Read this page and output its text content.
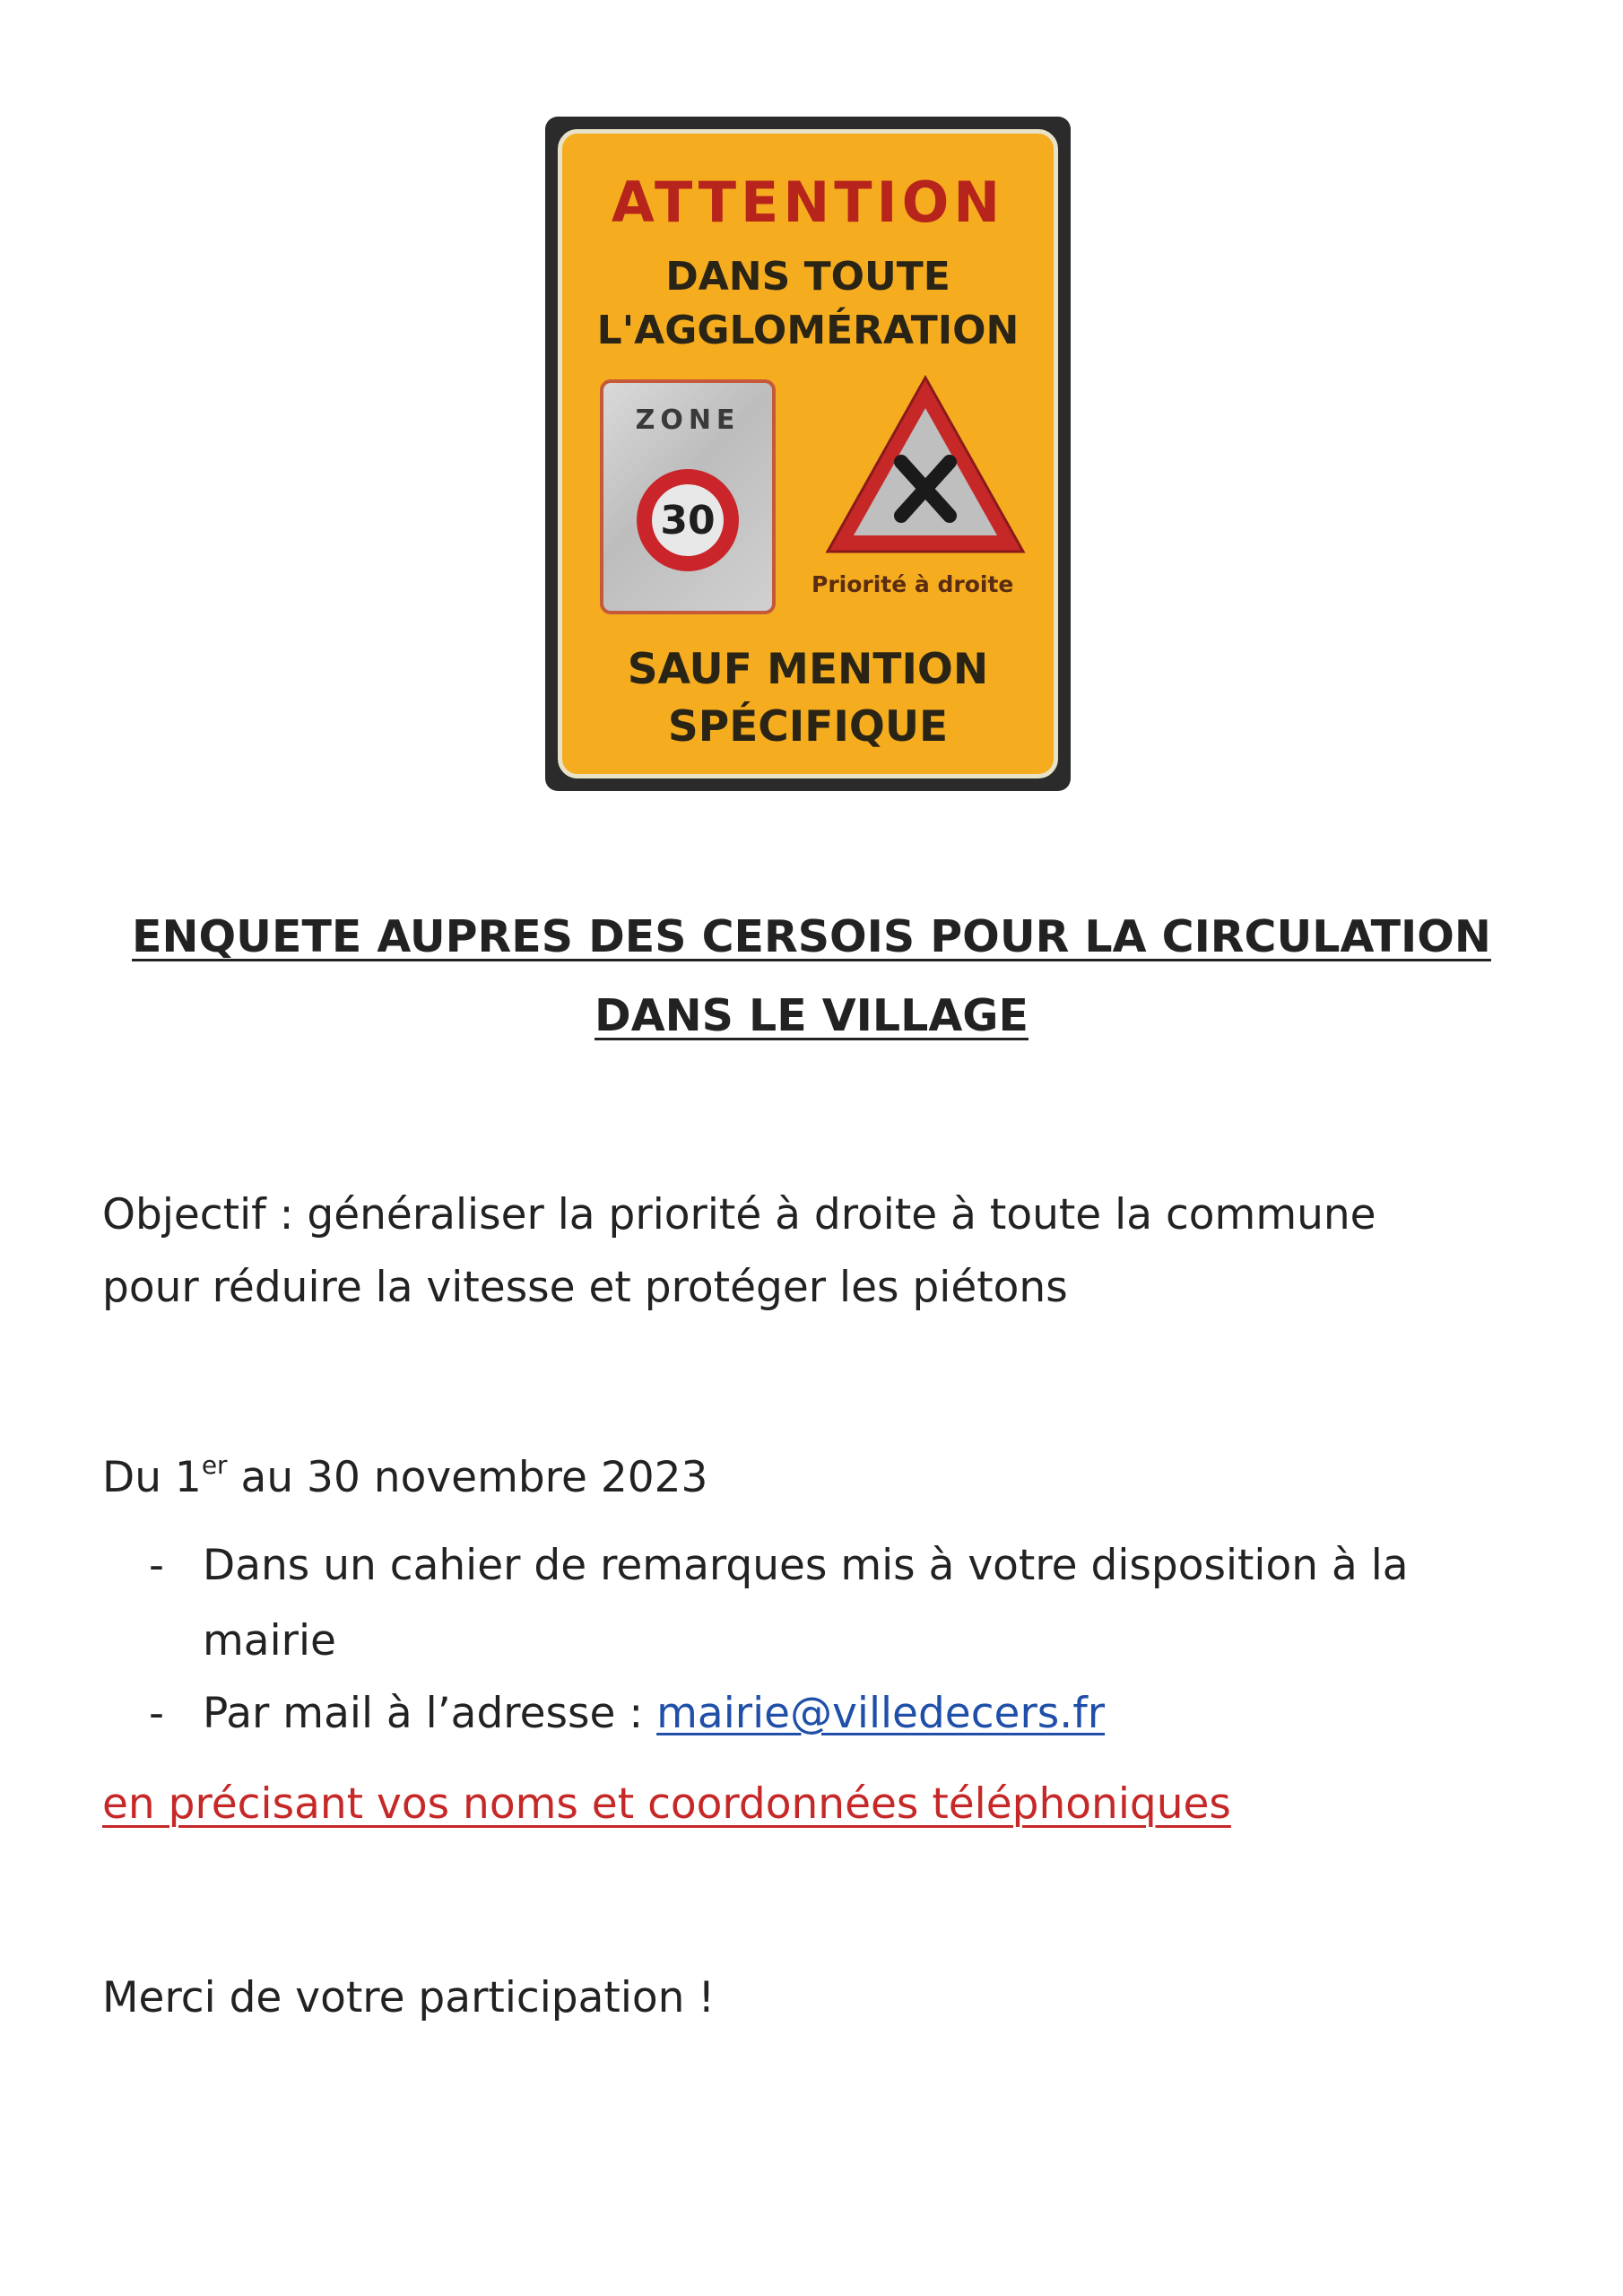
ATTENTION
DANS TOUTE
L'AGGLOMÉRATION
ZONE
30
Priorité à droite
SAUF MENTION
SPÉCIFIQUE
ENQUETE AUPRES DES CERSOIS POUR LA CIRCULATION
DANS LE VILLAGE
Objectif : généraliser la priorité à droite à toute la commune
pour réduire la vitesse et protéger les piétons
Du 1er au 30 novembre 2023
- Dans un cahier de remarques mis à votre disposition à la
mairie
- Par mail à l’adresse : mairie@villedecers.fr
en précisant vos noms et coordonnées téléphoniques
Merci de votre participation !
